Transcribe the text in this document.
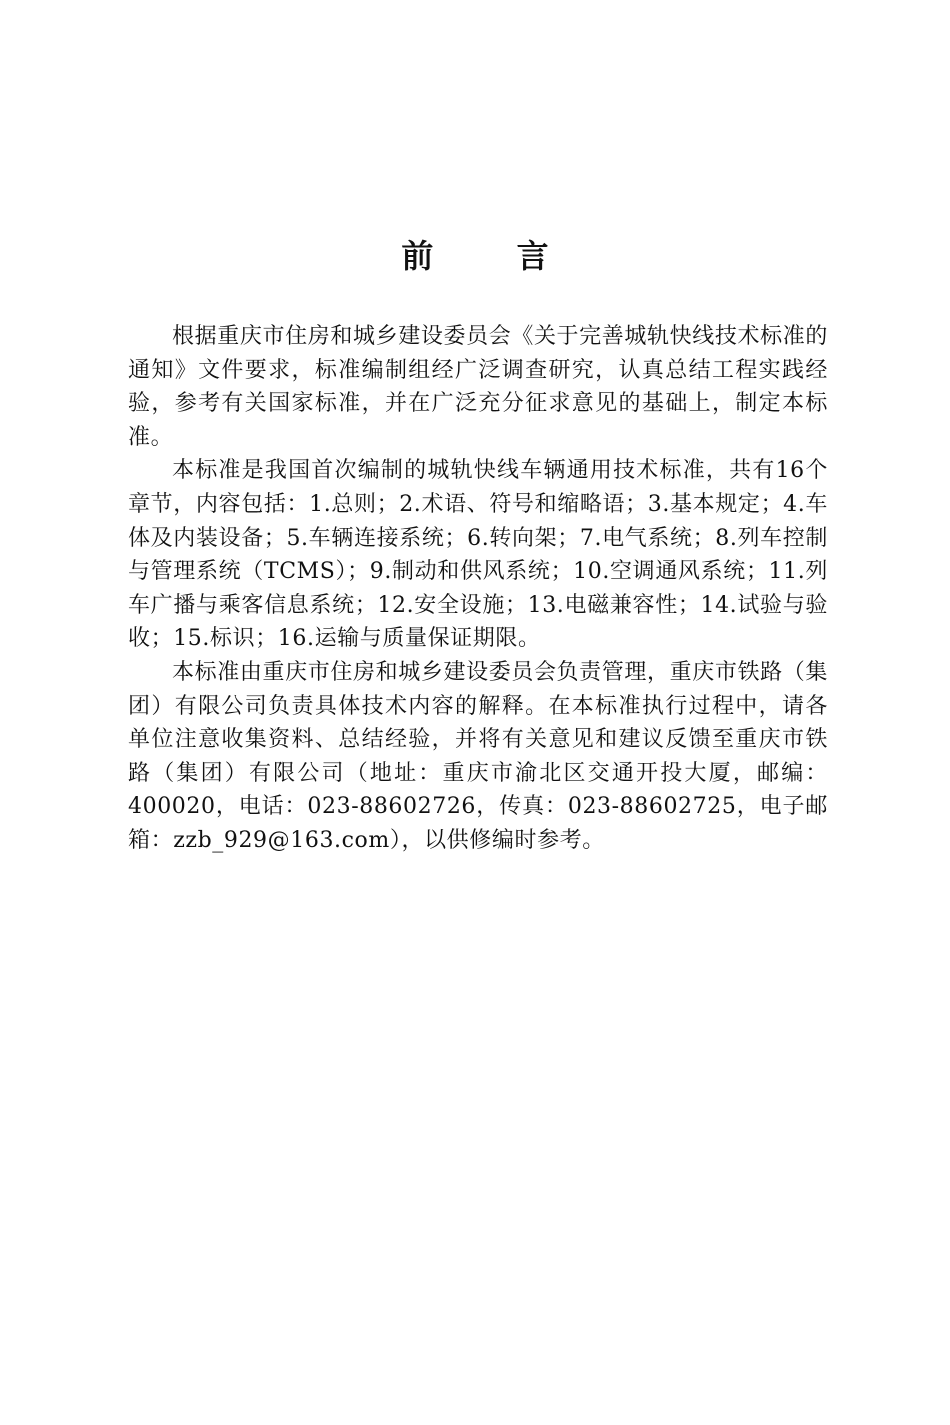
前 言

根据重庆市住房和城乡建设委员会《关于完善城轨快线技术标准的通知》文件要求，标准编制组经广泛调查研究，认真总结工程实践经验，参考有关国家标准，并在广泛充分征求意见的基础上，制定本标准。

本标准是我国首次编制的城轨快线车辆通用技术标准，共有16个章节，内容包括：1.总则；2.术语、符号和缩略语；3.基本规定；4.车体及内装设备；5.车辆连接系统；6.转向架；7.电气系统；8.列车控制与管理系统（TCMS）；9.制动和供风系统；10.空调通风系统；11.列车广播与乘客信息系统；12.安全设施；13.电磁兼容性；14.试验与验收；15.标识；16.运输与质量保证期限。

本标准由重庆市住房和城乡建设委员会负责管理，重庆市铁路（集团）有限公司负责具体技术内容的解释。在本标准执行过程中，请各单位注意收集资料、总结经验，并将有关意见和建议反馈至重庆市铁路（集团）有限公司（地址：重庆市渝北区交通开投大厦，邮编：400020，电话：023-88602726，传真：023-88602725，电子邮箱：zzb_929@163.com），以供修编时参考。
